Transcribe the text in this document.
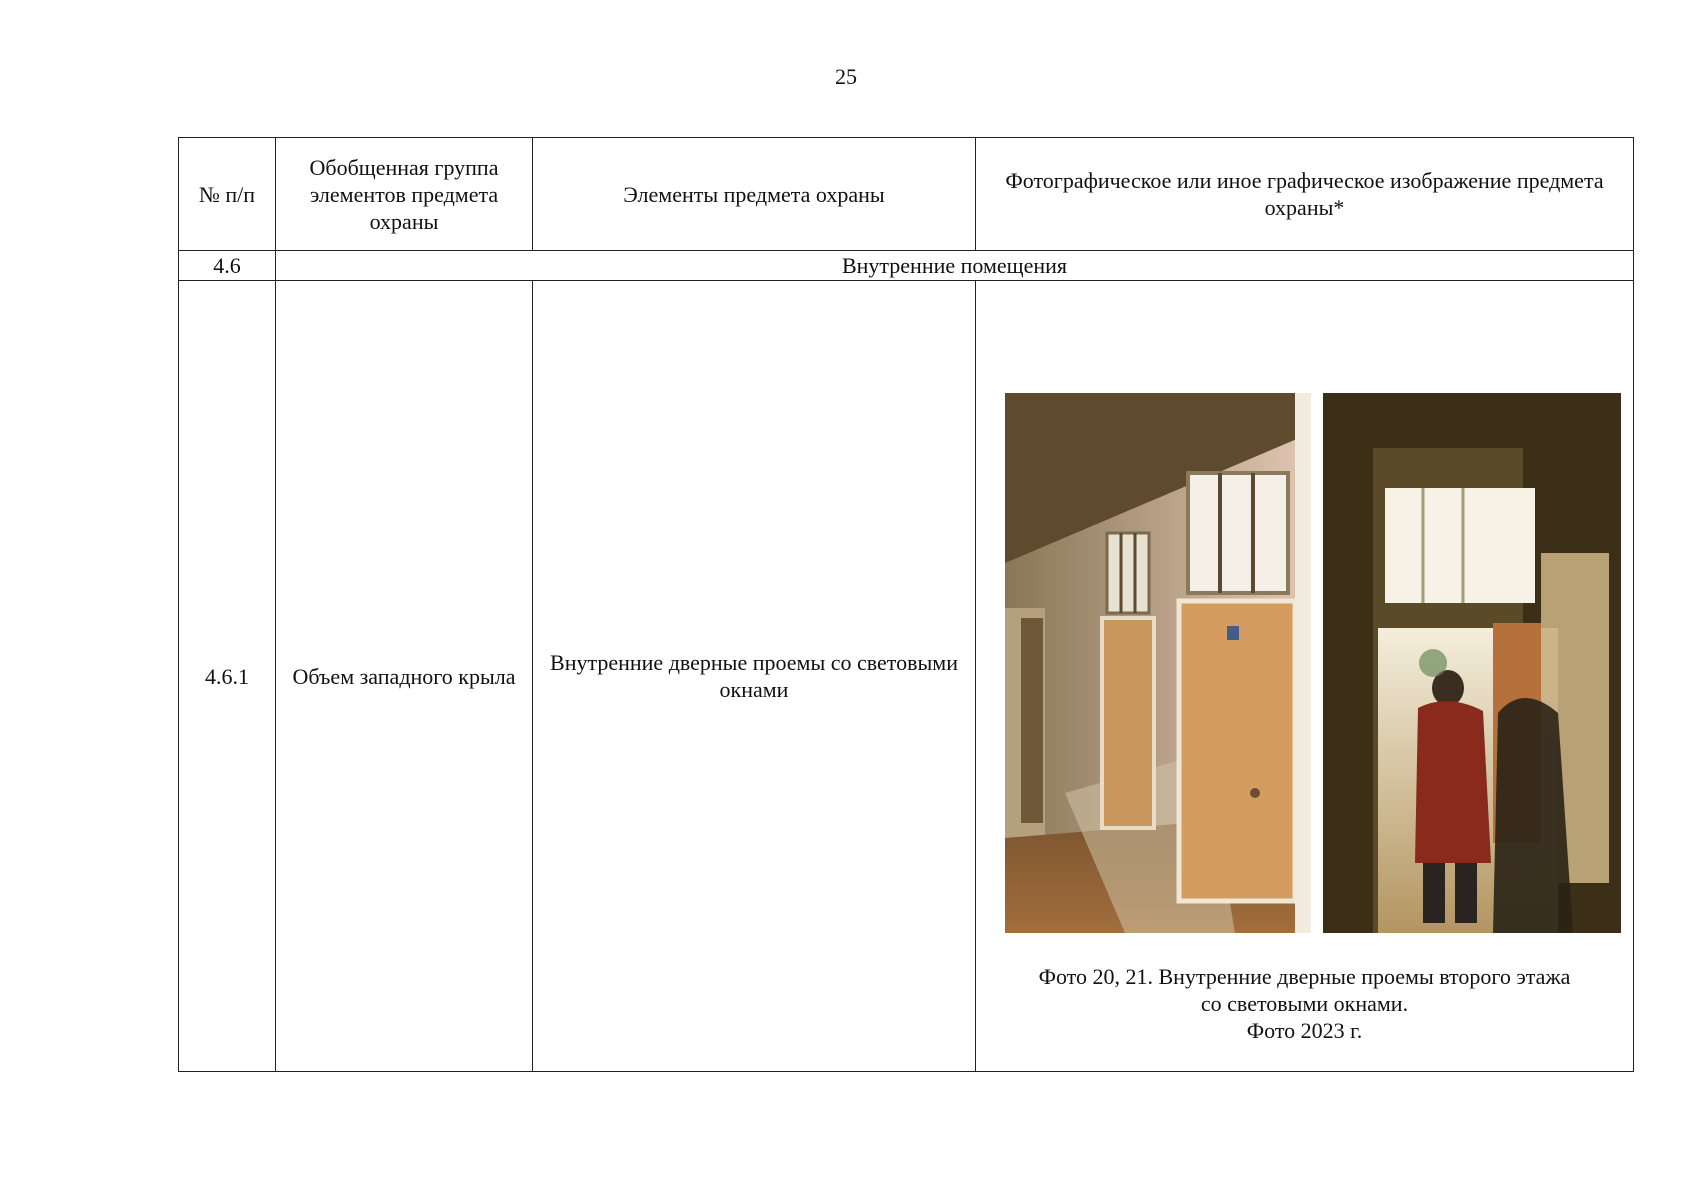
25
№ п/п	Обобщенная группа элементов предмета охраны	Элементы предмета охраны	Фотографическое или иное графическое изображение предмета охраны*
4.6	Внутренние помещения		
4.6.1	Объем западного крыла	Внутренние дверные проемы со световыми окнами	Фото 20, 21. Внутренние дверные проемы второго этажа
со световыми окнами.
Фото 2023 г.
